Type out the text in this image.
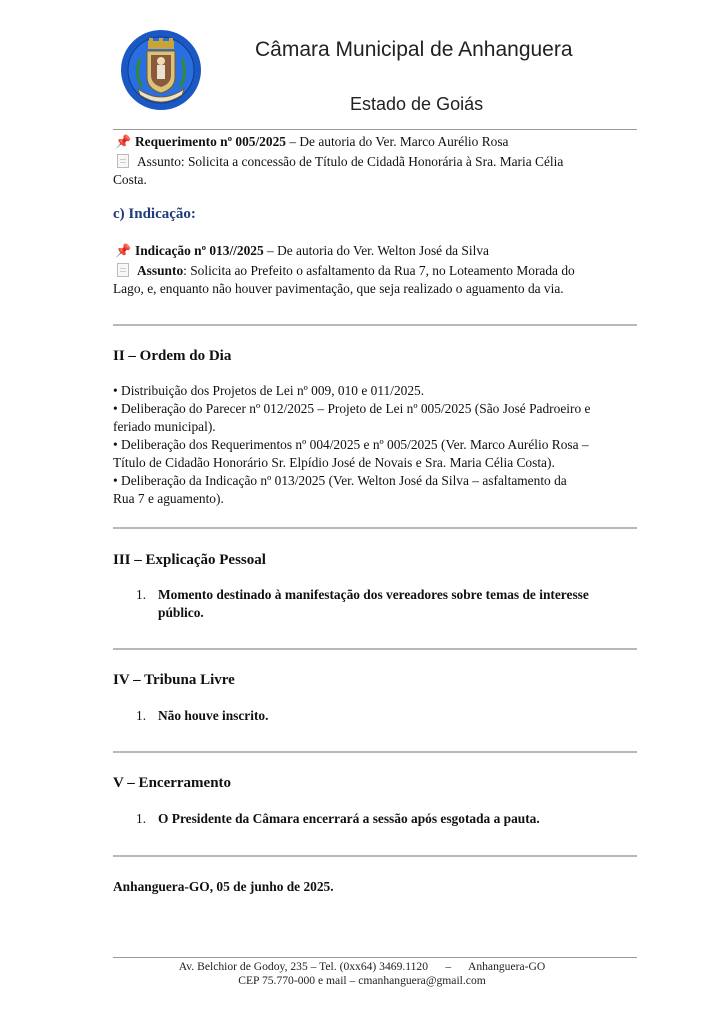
Câmara Municipal de Anhanguera
Estado de Goiás
📌 Requerimento nº 005/2025 – De autoria do Ver. Marco Aurélio Rosa
Assunto: Solicita a concessão de Título de Cidadã Honorária à Sra. Maria Célia
Costa.
c) Indicação:
📌 Indicação nº 013//2025 – De autoria do Ver. Welton José da Silva
Assunto: Solicita ao Prefeito o asfaltamento da Rua 7, no Loteamento Morada do
Lago, e, enquanto não houver pavimentação, que seja realizado o aguamento da via.
II – Ordem do Dia
• Distribuição dos Projetos de Lei nº 009, 010 e 011/2025.
• Deliberação do Parecer nº 012/2025 – Projeto de Lei nº 005/2025 (São José Padroeiro e
feriado municipal).
• Deliberação dos Requerimentos nº 004/2025 e nº 005/2025 (Ver. Marco Aurélio Rosa –
Título de Cidadão Honorário Sr. Elpídio José de Novais e Sra. Maria Célia Costa).
• Deliberação da Indicação nº 013/2025 (Ver. Welton José da Silva – asfaltamento da
Rua 7 e aguamento).
III – Explicação Pessoal
1. Momento destinado à manifestação dos vereadores sobre temas de interesse
público.
IV – Tribuna Livre
1. Não houve inscrito.
V – Encerramento
1. O Presidente da Câmara encerrará a sessão após esgotada a pauta.
Anhanguera-GO, 05 de junho de 2025.
Av. Belchior de Godoy, 235 – Tel. (0xx64) 3469.1120      –      Anhanguera-GO
CEP 75.770-000 e mail – cmanhanguera@gmail.com
